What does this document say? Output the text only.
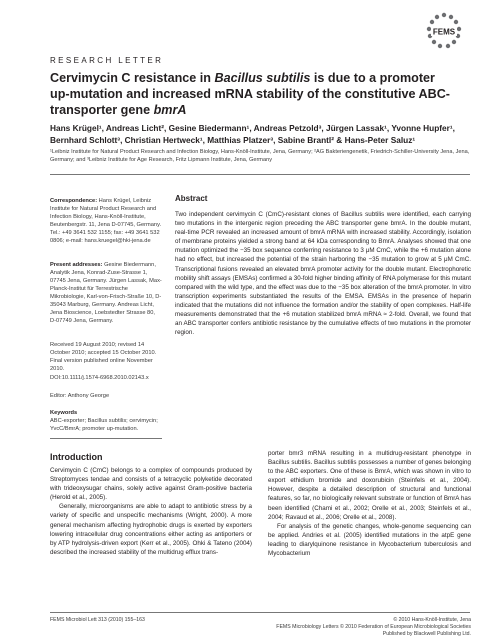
FEMS
RESEARCH LETTER
Cervimycin C resistance in Bacillus subtilis is due to a promoter up-mutation and increased mRNA stability of the constitutive ABC-transporter gene bmrA
Hans Krügel¹, Andreas Licht², Gesine Biedermann¹, Andreas Petzold³, Jürgen Lassak¹, Yvonne Hupfer¹, Bernhard Schlott³, Christian Hertweck¹, Matthias Platzer³, Sabine Brantl² & Hans-Peter Saluz¹
¹Leibniz Institute for Natural Product Research and Infection Biology, Hans-Knöll-Institute, Jena, Germany; ²AG Bakteriengenetik, Friedrich-Schiller-University Jena, Jena, Germany; and ³Leibniz Institute for Age Research, Fritz Lipmann Institute, Jena, Germany
Correspondence: Hans Krügel, Leibniz Institute for Natural Product Research and Infection Biology, Hans-Knöll-Institute, Beutenbergstr. 11, Jena D-07745, Germany. Tel.: +49 3641 532 1155; fax: +49 3641 532 0806; e-mail: hans.kruegel@hki-jena.de
Present addresses: Gesine Biedermann, Analytik Jena, Konrad-Zuse-Strasse 1, 07745 Jena, Germany. Jürgen Lassak, Max-Planck-Institut für Terrestrische Mikrobiologie, Karl-von-Frisch-Straße 10, D-35043 Marburg, Germany. Andreas Licht, Jena Bioscience, Loebstedter Strasse 80, D-07749 Jena, Germany.
Received 19 August 2010; revised 14 October 2010; accepted 15 October 2010. Final version published online November 2010.
DOI:10.1111/j.1574-6968.2010.02143.x
Editor: Anthony George
Keywords
ABC-exporter; Bacillus subtilis; cervimycin; YvcC/BmrA; promoter up-mutation.
Abstract
Two independent cervimycin C (CmC)-resistant clones of Bacillus subtilis were identified, each carrying two mutations in the intergenic region preceding the ABC transporter gene bmrA. In the double mutant, real-time PCR revealed an increased amount of bmrA mRNA with increased stability. Accordingly, isolation of membrane proteins yielded a strong band at 64 kDa corresponding to BmrA. Analyses showed that one mutation optimized the −35 box sequence conferring resistance to 3 μM CmC, while the +6 mutation alone had no effect, but increased the potential of the strain harboring the −35 mutation to grow at 5 μM CmC. Transcriptional fusions revealed an elevated bmrA promoter activity for the double mutant. Electrophoretic mobility shift assays (EMSAs) confirmed a 30-fold higher binding affinity of RNA polymerase for this mutant compared with the wild type, and the effect was due to the −35 box alteration of the bmrA promoter. In vitro transcription experiments substantiated the results of the EMSA. EMSAs in the presence of heparin indicated that the mutations did not influence the formation and/or the stability of open complexes. Half-life measurements demonstrated that the +6 mutation stabilized bmrA mRNA ≈ 2-fold. Overall, we found that an ABC transporter confers antibiotic resistance by the cumulative effects of two mutations in the promoter region.
Introduction

Cervimycin C (CmC) belongs to a complex of compounds produced by Streptomyces tendae and consists of a tetracyclic polyketide decorated with trideoxysugar chains, solely active against Gram-positive bacteria (Herold et al., 2005).

Generally, microorganisms are able to adapt to antibiotic stress by a variety of specific and unspecific mechanisms (Wright, 2000). A more general mechanism affecting hydrophobic drugs is exerted by exporters lowering intracellular drug concentrations either acting as antiporters or by ATP hydrolysis-driven export (Kerr et al., 2005). Ohki & Tateno (2004) described the increased stability of the multidrug efflux trans-

porter bmr3 mRNA resulting in a multidrug-resistant phenotype in Bacillus subtilis. Bacillus subtilis possesses a number of genes belonging to the ABC exporters. One of these is BmrA, which was shown in vitro to export ethidium bromide and doxorubicin (Steinfels et al., 2004). However, despite a detailed description of structural and functional features, so far, no biologically relevant substrate or function of BmrA has been identified (Chami et al., 2002; Orelle et al., 2003; Steinfels et al., 2004; Ravaud et al., 2006; Orelle et al., 2008).

For analysis of the genetic changes, whole-genome sequencing can be applied. Andries et al. (2005) identified mutations in the atpE gene leading to diarylquinone resistance in Mycobacterium tuberculosis and Mycobacterium

FEMS Microbiol Lett 313 (2010) 155–163	© 2010 Hans-Knöll-Institute, Jena
FEMS Microbiology Letters © 2010 Federation of European Microbiological Societies
Published by Blackwell Publishing Ltd.
